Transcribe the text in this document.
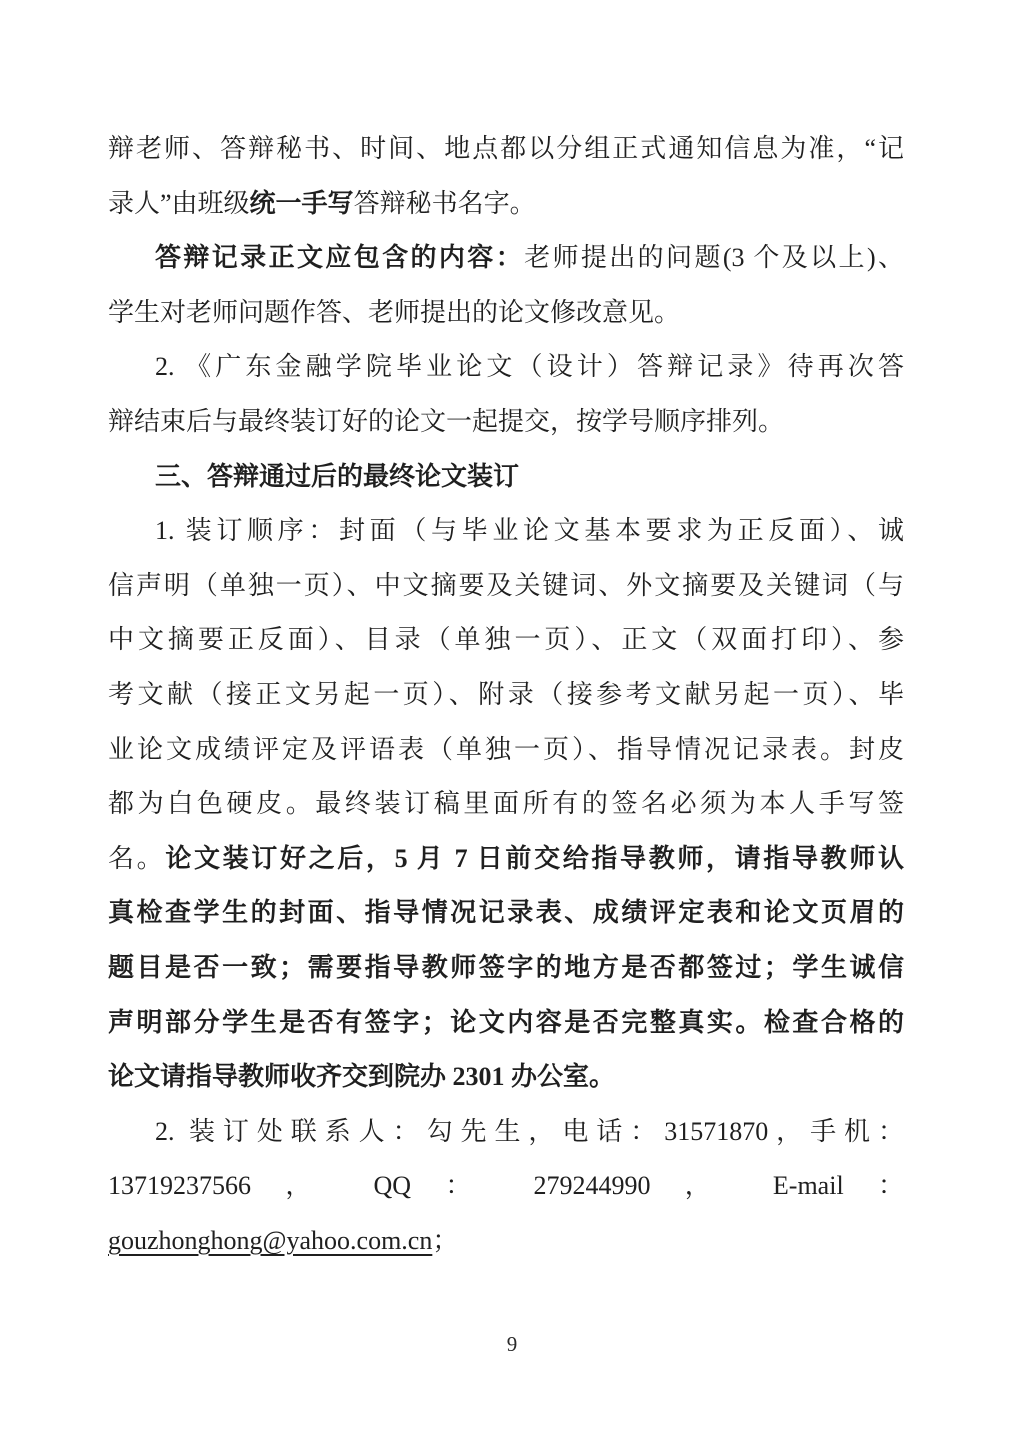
辩老师、答辩秘书、时间、地点都以分组正式通知信息为准，“记
录人”由班级统一手写答辩秘书名字。
答辩记录正文应包含的内容：老师提出的问题(3 个及以上)、
学生对老师问题作答、老师提出的论文修改意见。
2. 《广东金融学院毕业论文（设计）答辩记录》待再次答
辩结束后与最终装订好的论文一起提交，按学号顺序排列。
三、答辩通过后的最终论文装订
1. 装订顺序：封面（与毕业论文基本要求为正反面）、诚
信声明（单独一页）、中文摘要及关键词、外文摘要及关键词（与
中文摘要正反面）、目录（单独一页）、正文（双面打印）、参
考文献（接正文另起一页）、附录（接参考文献另起一页）、毕
业论文成绩评定及评语表（单独一页）、指导情况记录表。封皮
都为白色硬皮。最终装订稿里面所有的签名必须为本人手写签
名。论文装订好之后，5 月 7 日前交给指导教师，请指导教师认
真检查学生的封面、指导情况记录表、成绩评定表和论文页眉的
题目是否一致；需要指导教师签字的地方是否都签过；学生诚信
声明部分学生是否有签字；论文内容是否完整真实。检查合格的
论文请指导教师收齐交到院办 2301 办公室。
2. 装订处联系人：勾先生，电话：31571870，手机：
13719237566 ， QQ ： 279244990 ， E-mail ：
gouzhonghong@yahoo.com.cn；
9
